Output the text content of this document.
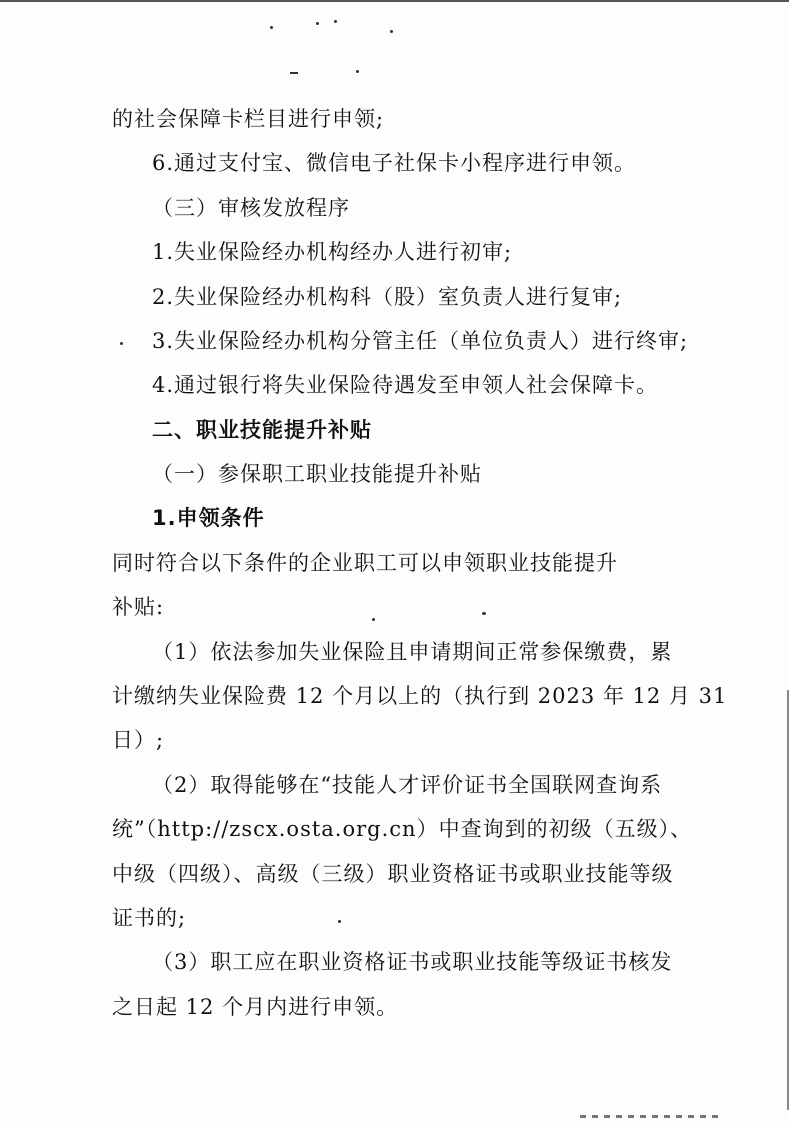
的社会保障卡栏目进行申领;
6.通过支付宝、微信电子社保卡小程序进行申领。
（三）审核发放程序
1.失业保险经办机构经办人进行初审;
2.失业保险经办机构科（股）室负责人进行复审;
3.失业保险经办机构分管主任（单位负责人）进行终审;
4.通过银行将失业保险待遇发至申领人社会保障卡。
二、职业技能提升补贴
（一）参保职工职业技能提升补贴
1.申领条件
同时符合以下条件的企业职工可以申领职业技能提升
补贴:
（1）依法参加失业保险且申请期间正常参保缴费，累
计缴纳失业保险费 12 个月以上的（执行到 2023 年 12 月 31
日）;
（2）取得能够在“技能人才评价证书全国联网查询系
统”（http://zscx.osta.org.cn）中查询到的初级（五级）、
中级（四级）、高级（三级）职业资格证书或职业技能等级
证书的;
（3）职工应在职业资格证书或职业技能等级证书核发
之日起 12 个月内进行申领。
